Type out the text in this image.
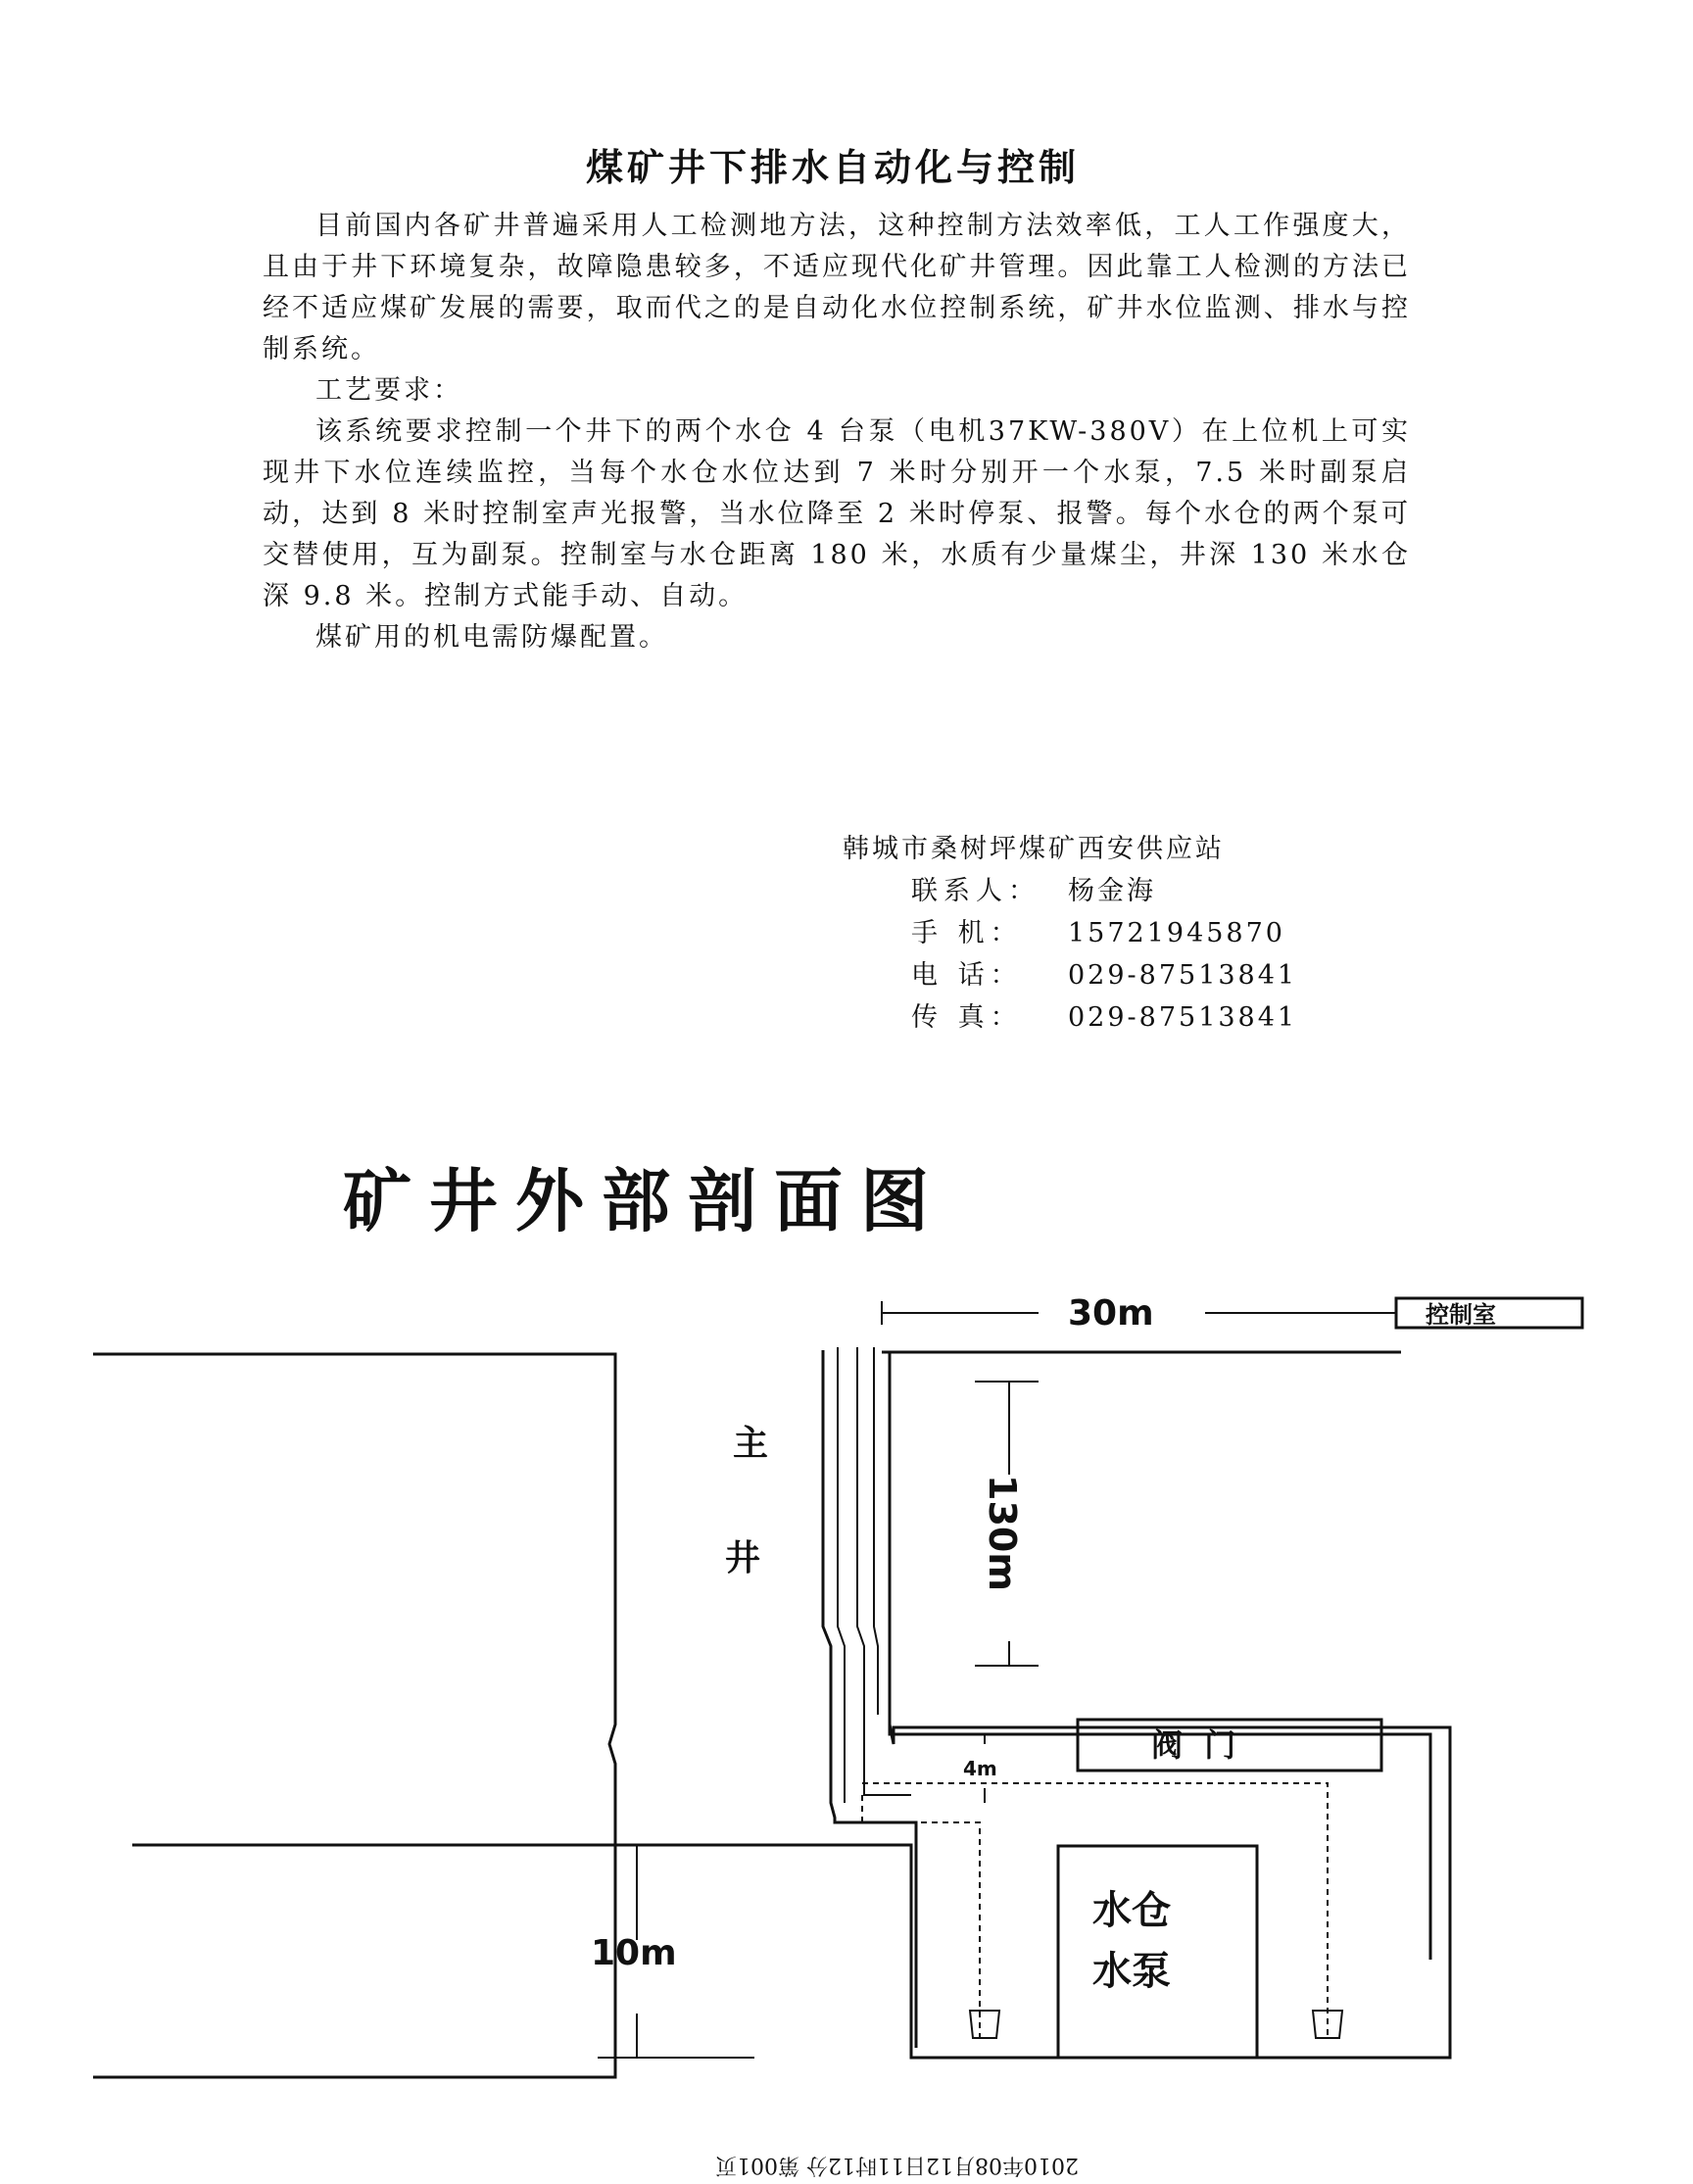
煤矿井下排水自动化与控制

目前国内各矿井普遍采用人工检测地方法，这种控制方法效率低，工人工作强度大，且由于井下环境复杂，故障隐患较多，不适应现代化矿井管理。因此靠工人检测的方法已经不适应煤矿发展的需要，取而代之的是自动化水位控制系统，矿井水位监测、排水与控制系统。

工艺要求：

该系统要求控制一个井下的两个水仓 4 台泵（电机37KW-380V）在上位机上可实现井下水位连续监控，当每个水仓水位达到 7 米时分别开一个水泵，7.5 米时副泵启动，达到 8 米时控制室声光报警，当水位降至 2 米时停泵、报警。每个水仓的两个泵可交替使用，互为副泵。控制室与水仓距离 180 米，水质有少量煤尘，井深 130 米水仓深 9.8 米。控制方式能手动、自动。

煤矿用的机电需防爆配置。

韩城市桑树坪煤矿西安供应站
联系人： 杨金海
手 机： 15721945870
电 话： 029-87513841
传 真： 029-87513841
矿井外部剖面图
30m	控制室
主
井	130m
阀  门
4m
水仓
水泵
10m
2010年08月12日11时12分 第001页
